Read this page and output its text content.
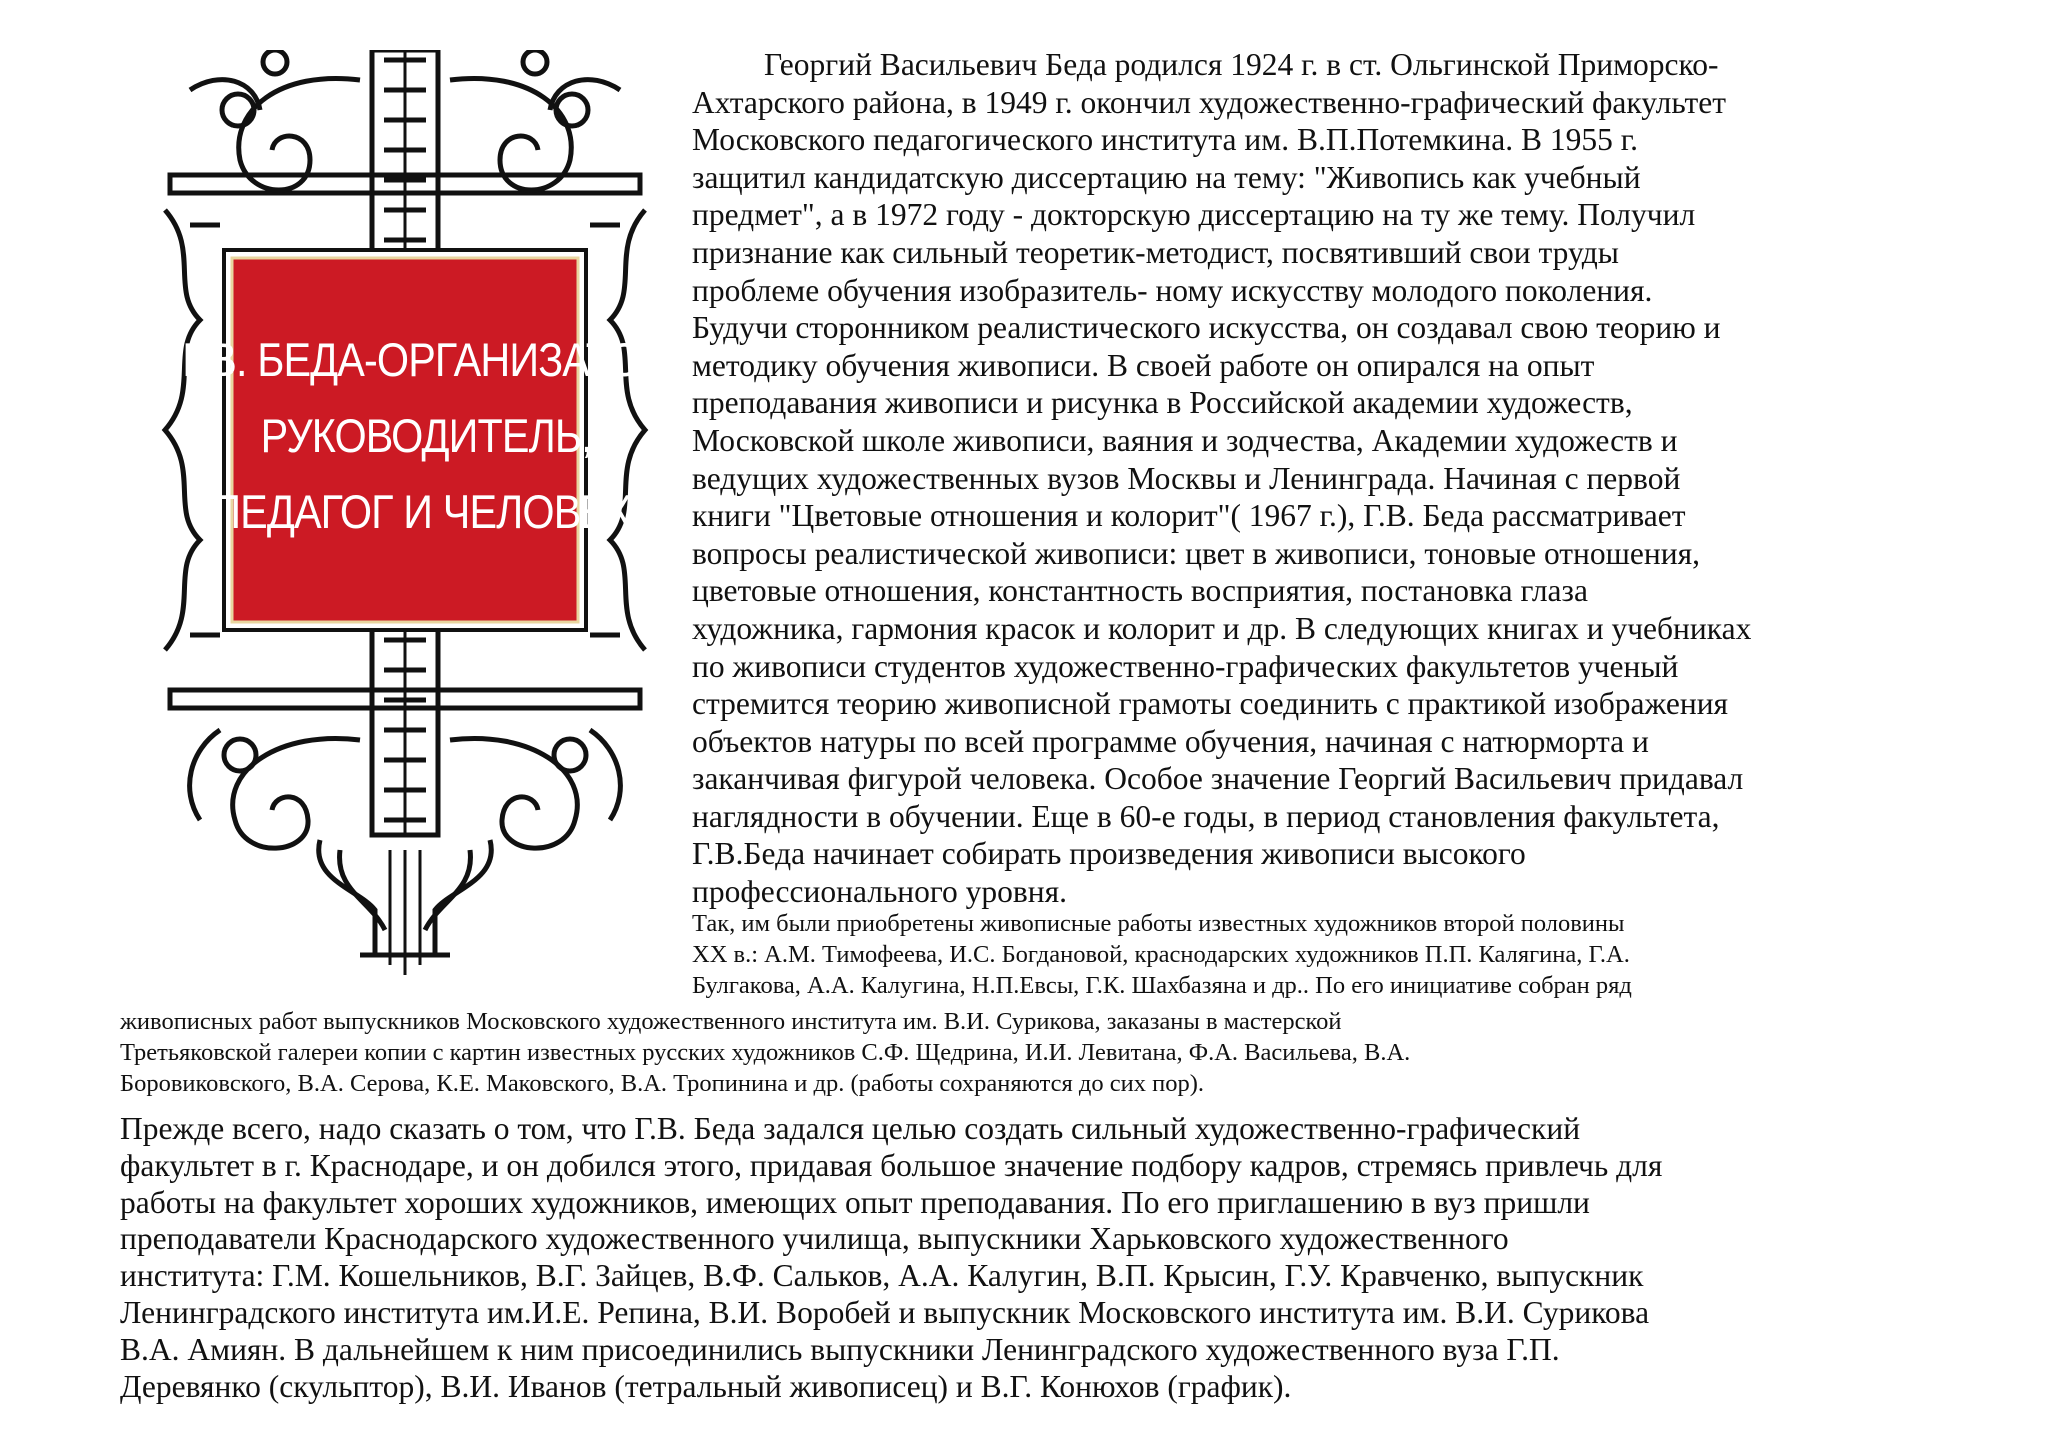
Г.В. БЕДА-ОРГАНИЗАТОР,
РУКОВОДИТЕЛЬ,
ПЕДАГОГ И ЧЕЛОВЕК.
Георгий Васильевич Беда родился 1924 г. в ст. Ольгинской Приморско-
Ахтарского района, в 1949 г. окончил художественно-графический факультет
Московского педагогического института им. В.П.Потемкина. В 1955 г.
защитил кандидатскую диссертацию на тему: "Живопись как учебный
предмет", а в 1972 году - докторскую диссертацию на ту же тему. Получил
признание как сильный теоретик-методист, посвятивший свои труды
проблеме обучения изобразитель- ному искусству молодого поколения.
Будучи сторонником реалистического искусства, он создавал свою теорию и
методику обучения живописи. В своей работе он опирался на опыт
преподавания живописи и рисунка в Российской академии художеств,
Московской школе живописи, ваяния и зодчества, Академии художеств и
ведущих художественных вузов Москвы и Ленинграда. Начиная с первой
книги "Цветовые отношения и колорит"( 1967 г.), Г.В. Беда рассматривает
вопросы реалистической живописи: цвет в живописи, тоновые отношения,
цветовые отношения, константность восприятия, постановка глаза
художника, гармония красок и колорит и др. В следующих книгах и учебниках
по живописи студентов художественно-графических факультетов ученый
стремится теорию живописной грамоты соединить с практикой изображения
объектов натуры по всей программе обучения, начиная с натюрморта и
заканчивая фигурой человека. Особое значение Георгий Васильевич придавал
наглядности в обучении. Еще в 60-е годы, в период становления факультета,
Г.В.Беда начинает собирать произведения живописи высокого
профессионального уровня.
Так, им были приобретены живописные работы известных художников второй половины
XX в.: А.М. Тимофеева, И.С. Богдановой, краснодарских художников П.П. Калягина, Г.А.
Булгакова, А.А. Калугина, Н.П.Евсы, Г.К. Шахбазяна и др.. По его инициативе собран ряд
живописных работ выпускников Московского художественного института им. В.И. Сурикова, заказаны в мастерской
Третьяковской галереи копии с картин известных русских художников С.Ф. Щедрина, И.И. Левитана, Ф.А. Васильева, В.А.
Боровиковского, В.А. Серова, К.Е. Маковского, В.А. Тропинина и др. (работы сохраняются до сих пор).
Прежде всего, надо сказать о том, что Г.В. Беда задался целью создать сильный художественно-графический
факультет в г. Краснодаре, и он добился этого, придавая большое значение подбору кадров, стремясь привлечь для
работы на факультет хороших художников, имеющих опыт преподавания. По его приглашению в вуз пришли
преподаватели Краснодарского художественного училища, выпускники Харьковского художественного
института: Г.М. Кошельников, В.Г. Зайцев, В.Ф. Сальков, А.А. Калугин, В.П. Крысин, Г.У. Кравченко, выпускник
Ленинградского института им.И.Е. Репина, В.И. Воробей и выпускник Московского института им. В.И. Сурикова
В.А. Амиян. В дальнейшем к ним присоединились выпускники Ленинградского художественного вуза Г.П.
Деревянко (скульптор), В.И. Иванов (тетральный живописец) и В.Г. Конюхов (график).
